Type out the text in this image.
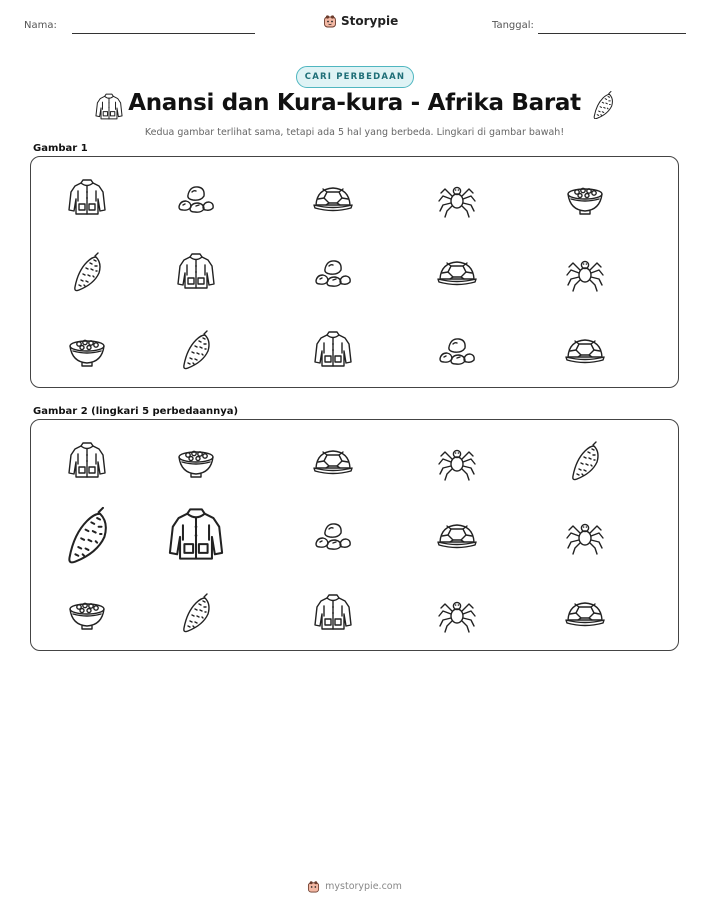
Nama:	Storypie	Tanggal:
CARI PERBEDAAN
Anansi dan Kura-kura - Afrika Barat
Kedua gambar terlihat sama, tetapi ada 5 hal yang berbeda. Lingkari di gambar bawah!
Gambar 1
Gambar 2 (lingkari 5 perbedaannya)
mystorypie.com
